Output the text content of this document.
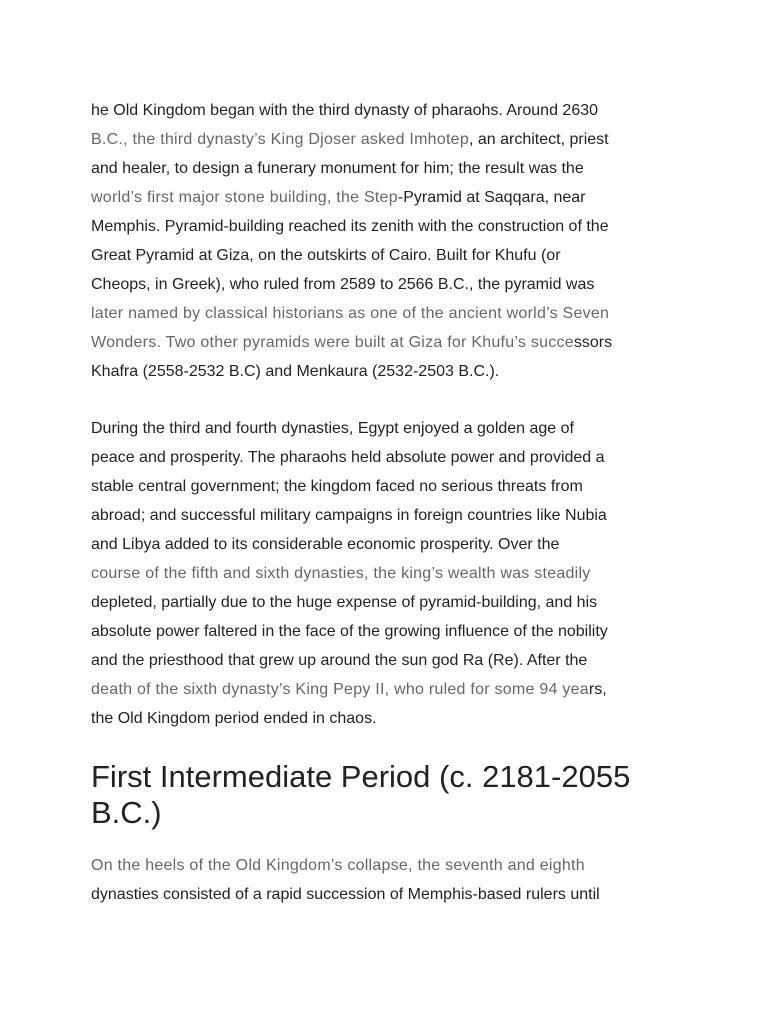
he Old Kingdom began with the third dynasty of pharaohs. Around 2630
B.C., the third dynasty’s King Djoser asked Imhotep, an architect, priest
and healer, to design a funerary monument for him; the result was the
world’s first major stone building, the Step-Pyramid at Saqqara, near
Memphis. Pyramid-building reached its zenith with the construction of the
Great Pyramid at Giza, on the outskirts of Cairo. Built for Khufu (or
Cheops, in Greek), who ruled from 2589 to 2566 B.C., the pyramid was
later named by classical historians as one of the ancient world’s Seven
Wonders. Two other pyramids were built at Giza for Khufu’s successors
Khafra (2558-2532 B.C) and Menkaura (2532-2503 B.C.).
During the third and fourth dynasties, Egypt enjoyed a golden age of
peace and prosperity. The pharaohs held absolute power and provided a
stable central government; the kingdom faced no serious threats from
abroad; and successful military campaigns in foreign countries like Nubia
and Libya added to its considerable economic prosperity. Over the
course of the fifth and sixth dynasties, the king’s wealth was steadily
depleted, partially due to the huge expense of pyramid-building, and his
absolute power faltered in the face of the growing influence of the nobility
and the priesthood that grew up around the sun god Ra (Re). After the
death of the sixth dynasty’s King Pepy II, who ruled for some 94 years,
the Old Kingdom period ended in chaos.
First Intermediate Period (c. 2181-2055
B.C.)
On the heels of the Old Kingdom’s collapse, the seventh and eighth
dynasties consisted of a rapid succession of Memphis-based rulers until
